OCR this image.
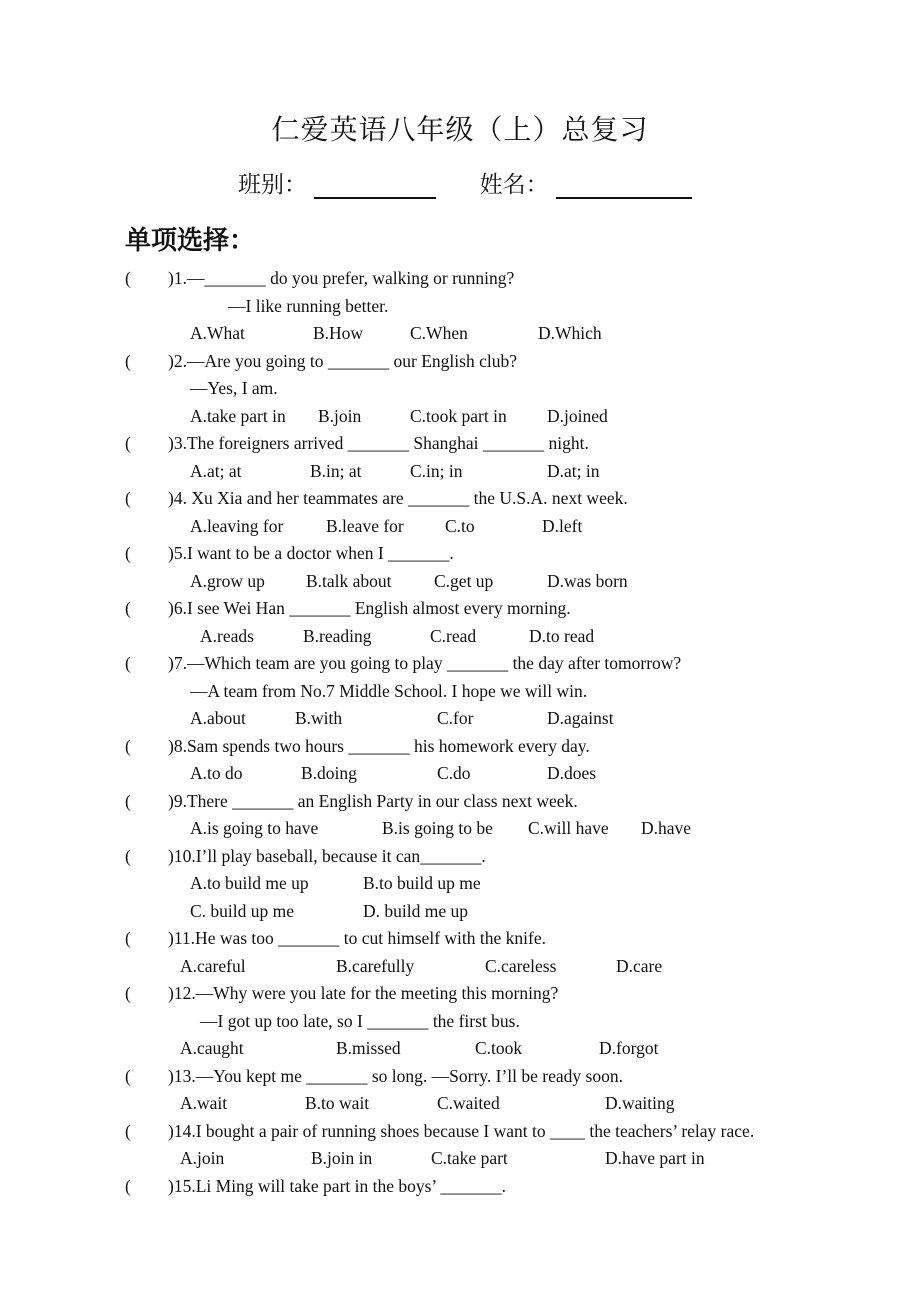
仁爱英语八年级（上）总复习
班别：	姓名：
单项选择：
( )1.—_______ do you prefer, walking or running?
—I like running better.
A.What	B.How	C.When	D.Which
( )2.—Are you going to _______ our English club?
—Yes, I am.
A.take part in B.join	C.took part in D.joined
( )3.The foreigners arrived _______ Shanghai _______ night.
A.at; at	B.in; at	C.in; in	D.at; in
( )4. Xu Xia and her teammates are _______ the U.S.A. next week.
A.leaving for B.leave for C.to	D.left
( )5.I want to be a doctor when I _______.
A.grow up B.talk about C.get up	D.was born
( )6.I see Wei Han _______ English almost every morning.
A.reads	B.reading	C.read	D.to read
( )7.—Which team are you going to play _______ the day after tomorrow?
—A team from No.7 Middle School. I hope we will win.
A.about	B.with	C.for	D.against
( )8.Sam spends two hours _______ his homework every day.
A.to do	B.doing	C.do	D.does
( )9.There _______ an English Party in our class next week.
A.is going to have	B.is going to be C.will have D.have
( )10.I’ll play baseball, because it can_______.
A.to build me up	B.to build up me
C. build up me	D. build me up
( )11.He was too _______ to cut himself with the knife.
A.careful	B.carefully	C.careless	D.care
( )12.—Why were you late for the meeting this morning?
—I got up too late, so I _______ the first bus.
A.caught	B.missed	C.took	D.forgot
( )13.—You kept me _______ so long. —Sorry. I’ll be ready soon.
A.wait	B.to wait	C.waited	D.waiting
( )14.I bought a pair of running shoes because I want to ____ the teachers’ relay race.
A.join	B.join in	C.take part	D.have part in
( )15.Li Ming will take part in the boys’ _______.
